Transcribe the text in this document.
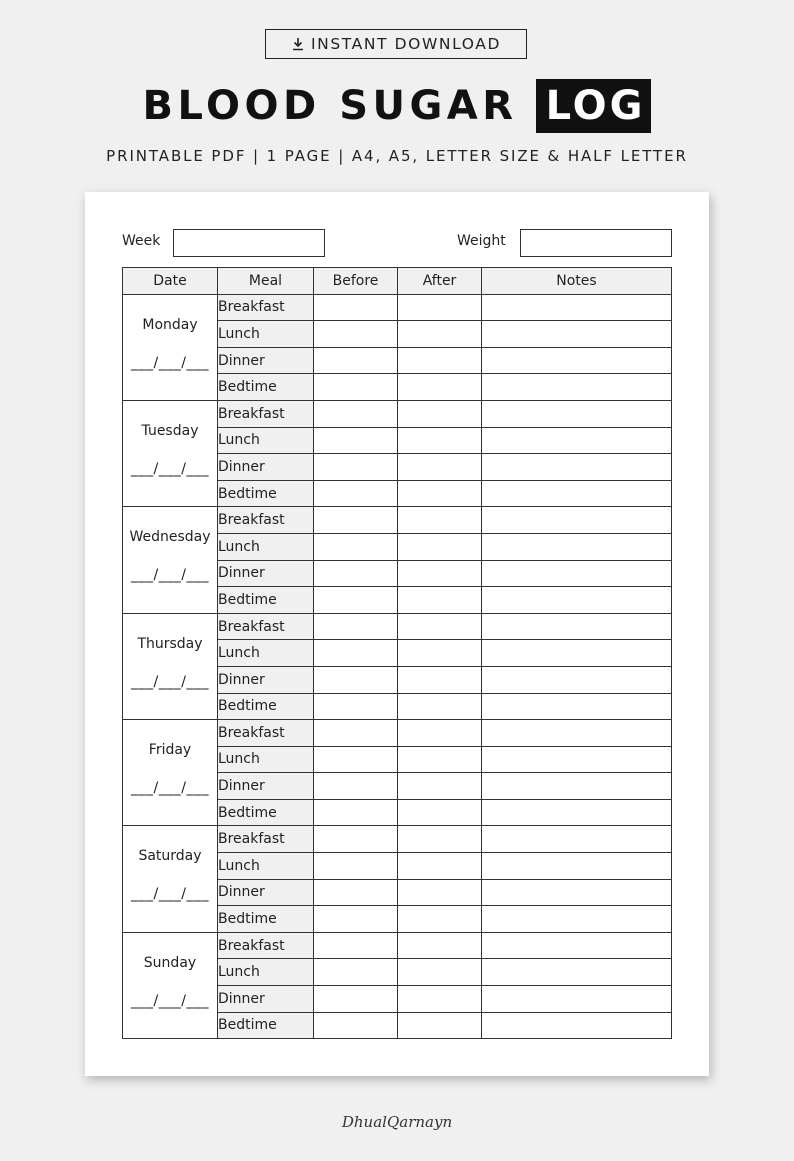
INSTANT DOWNLOAD
BLOOD SUGAR LOG
PRINTABLE PDF | 1 PAGE | A4, A5, LETTER SIZE & HALF LETTER
Week	Weight
Date	Meal	Before	After	Notes

Monday
___/___/___	Breakfast			
	Lunch			
	Dinner			
	Bedtime			

Tuesday
___/___/___	Breakfast			
	Lunch			
	Dinner			
	Bedtime			

Wednesday
___/___/___	Breakfast			
	Lunch			
	Dinner			
	Bedtime			

Thursday
___/___/___	Breakfast			
	Lunch			
	Dinner			
	Bedtime			

Friday
___/___/___	Breakfast			
	Lunch			
	Dinner			
	Bedtime			

Saturday
___/___/___	Breakfast			
	Lunch			
	Dinner			
	Bedtime			

Sunday
___/___/___	Breakfast			
	Lunch			
	Dinner			
	Bedtime			
DhualQarnayn
